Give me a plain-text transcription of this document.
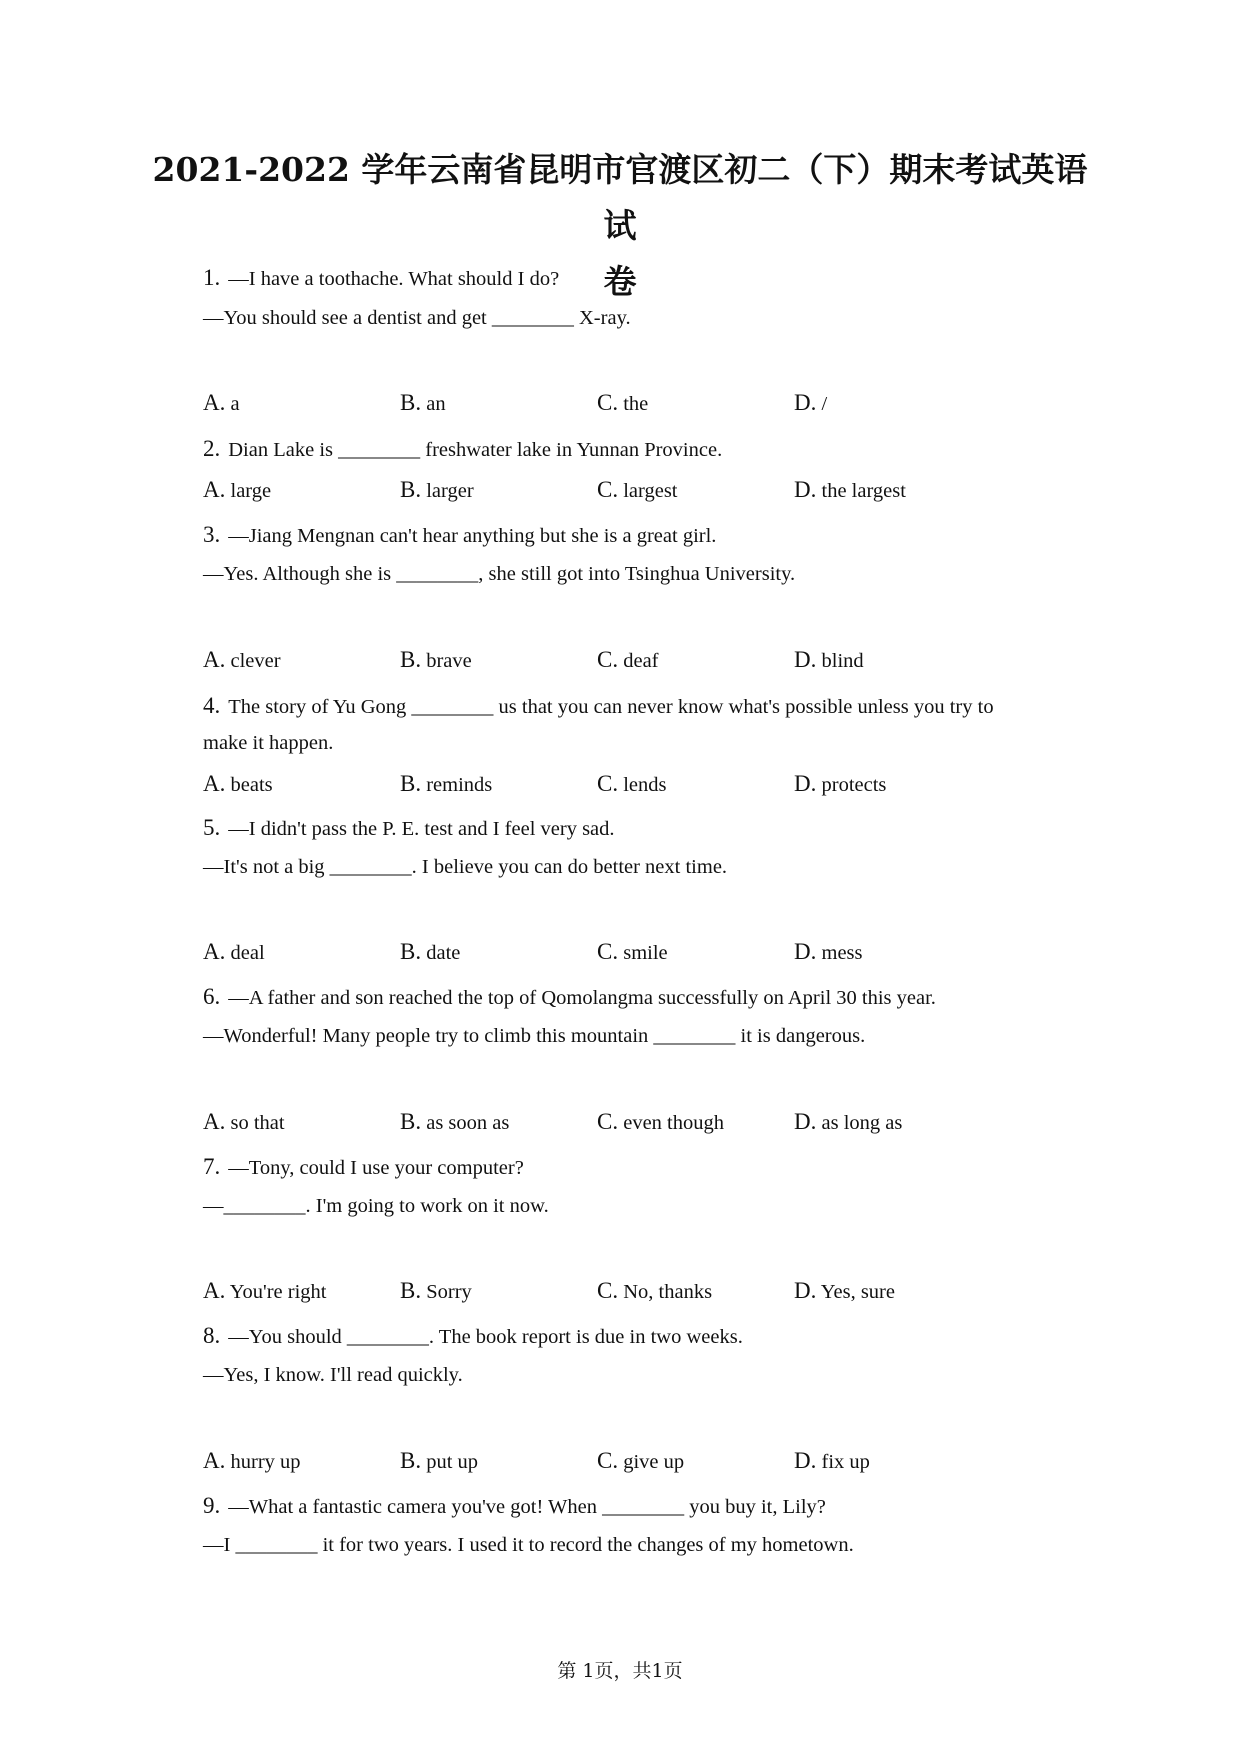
2021-2022 学年云南省昆明市官渡区初二（下）期末考试英语试
卷
1. —I have a toothache. What should I do?
—You should see a dentist and get ________ X-ray.
A. a	B. an	C. the	D. /
2. Dian Lake is ________ freshwater lake in Yunnan Province.
A. large	B. larger	C. largest	D. the largest
3. —Jiang Mengnan can't hear anything but she is a great girl.
—Yes. Although she is ________, she still got into Tsinghua University.
A. clever	B. brave	C. deaf	D. blind
4. The story of Yu Gong ________ us that you can never know what's possible unless you try to
make it happen.
A. beats	B. reminds	C. lends	D. protects
5. —I didn't pass the P. E. test and I feel very sad.
—It's not a big ________. I believe you can do better next time.
A. deal	B. date	C. smile	D. mess
6. —A father and son reached the top of Qomolangma successfully on April 30 this year.
—Wonderful! Many people try to climb this mountain ________ it is dangerous.
A. so that	B. as soon as	C. even though	D. as long as
7. —Tony, could I use your computer?
—________. I'm going to work on it now.
A. You're right	B. Sorry	C. No, thanks	D. Yes, sure
8. —You should ________. The book report is due in two weeks.
—Yes, I know. I'll read quickly.
A. hurry up	B. put up	C. give up	D. fix up
9. —What a fantastic camera you've got! When ________ you buy it, Lily?
—I ________ it for two years. I used it to record the changes of my hometown.
第 1页，共1页
